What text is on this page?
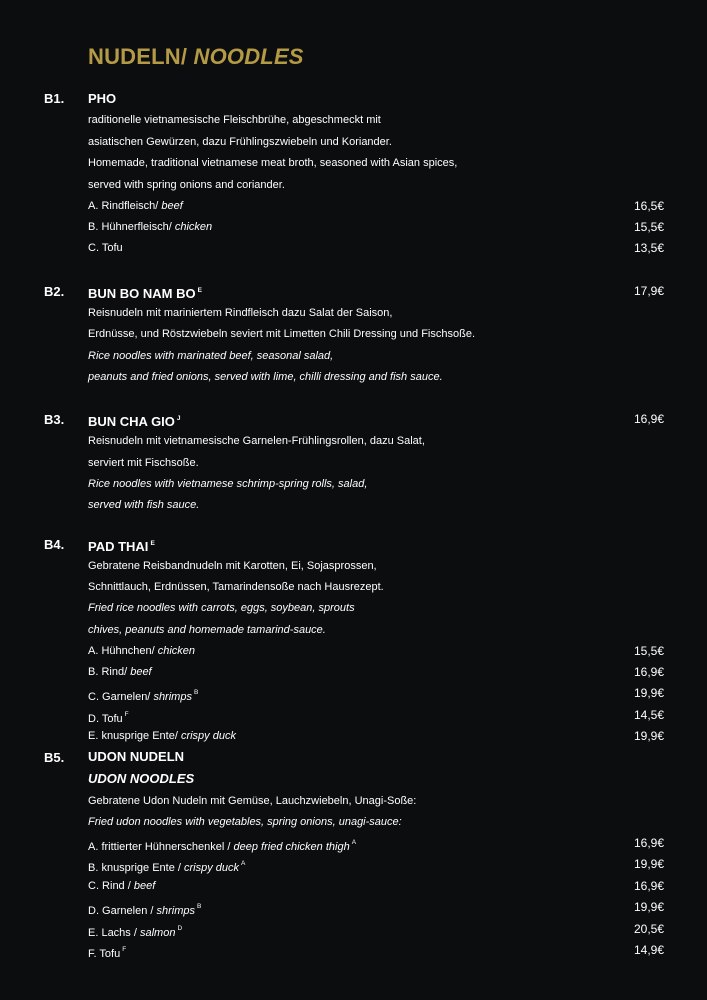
NUDELN/ NOODLES
B1. PHO
raditionelle vietnamesische Fleischbrühe, abgeschmeckt mit
asiatischen Gewürzen, dazu Frühlingszwiebeln und Koriander.
Homemade, traditional vietnamese meat broth, seasoned with Asian spices,
served with spring onions and coriander.
A. Rindfleisch/ beef	16,5€
B. Hühnerfleisch/ chicken	15,5€
C. Tofu	13,5€
B2. BUN BO NAM BO $^E$	17,9€
Reisnudeln mit mariniertem Rindfleisch dazu Salat der Saison,
Erdnüsse, und Röstzwiebeln seviert mit Limetten Chili Dressing und Fischsoße.
Rice noodles with marinated beef, seasonal salad,
peanuts and fried onions, served with lime, chilli dressing and fish sauce.
B3. BUN CHA GIO $^J$	16,9€
Reisnudeln mit vietnamesische Garnelen-Frühlingsrollen, dazu Salat,
serviert mit Fischsoße.
Rice noodles with vietnamese schrimp-spring rolls, salad,
served with fish sauce.
B4. PAD THAI $^E$
Gebratene Reisbandnudeln mit Karotten, Ei, Sojasprossen,
Schnittlauch, Erdnüssen, Tamarindensoße nach Hausrezept.
Fried rice noodles with carrots, eggs, soybean, sprouts
chives, peanuts and homemade tamarind-sauce.
A. Hühnchen/ chicken	15,5€
B. Rind/ beef	16,9€
C. Garnelen/ shrimps $^B$	19,9€
D. Tofu $^F$	14,5€
E. knusprige Ente/ crispy duck	19,9€
B5. UDON NUDELN
UDON NOODLES
Gebratene Udon Nudeln mit Gemüse, Lauchzwiebeln, Unagi-Soße:
Fried udon noodles with vegetables, spring onions, unagi-sauce:
A. frittierter Hühnerschenkel / deep fried chicken thigh $^A$	16,9€
B. knusprige Ente / crispy duck $^A$	19,9€
C. Rind / beef	16,9€
D. Garnelen / shrimps $^B$	19,9€
E. Lachs / salmon $^D$	20,5€
F. Tofu $^F$	14,9€
